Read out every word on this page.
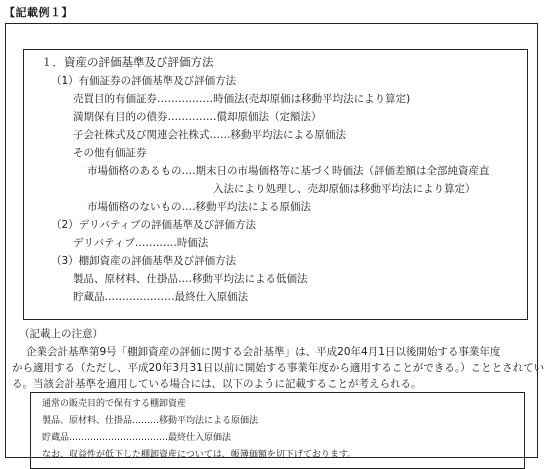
【記載例１】
１．資産の評価基準及び評価方法
（1）有価証券の評価基準及び評価方法
売買目的有価証券‥‥‥‥‥‥‥‥時価法(売却原価は移動平均法により算定)
満期保有目的の債券‥‥‥‥‥‥‥償却原価法（定額法）
子会社株式及び関連会社株式‥‥‥移動平均法による原価法
その他有価証券
市場価格のあるもの‥‥期末日の市場価格等に基づく時価法（評価差額は全部純資産直
入法により処理し、売却原価は移動平均法により算定）
市場価格のないもの‥‥移動平均法による原価法
（2）デリバティブの評価基準及び評価方法
デリバティブ‥‥‥‥‥‥時価法
（3）棚卸資産の評価基準及び評価方法
製品、原材料、仕掛品‥‥移動平均法による低価法
貯蔵品‥‥‥‥‥‥‥‥‥‥最終仕入原価法
（記載上の注意）
企業会計基準第9号「棚卸資産の評価に関する会計基準」は、平成20年4月1日以後開始する事業年度
から適用する（ただし、平成20年3月31日以前に開始する事業年度から適用することができる。）こととされてい
る。当該会計基準を適用している場合には、以下のように記載することが考えられる。
通常の販売目的で保有する棚卸資産
製品、原材料、仕掛品………移動平均法による原価法
貯蔵品……………………………最終仕入原価法
なお、収益性が低下した棚卸資産については、帳簿価額を切下げております。
